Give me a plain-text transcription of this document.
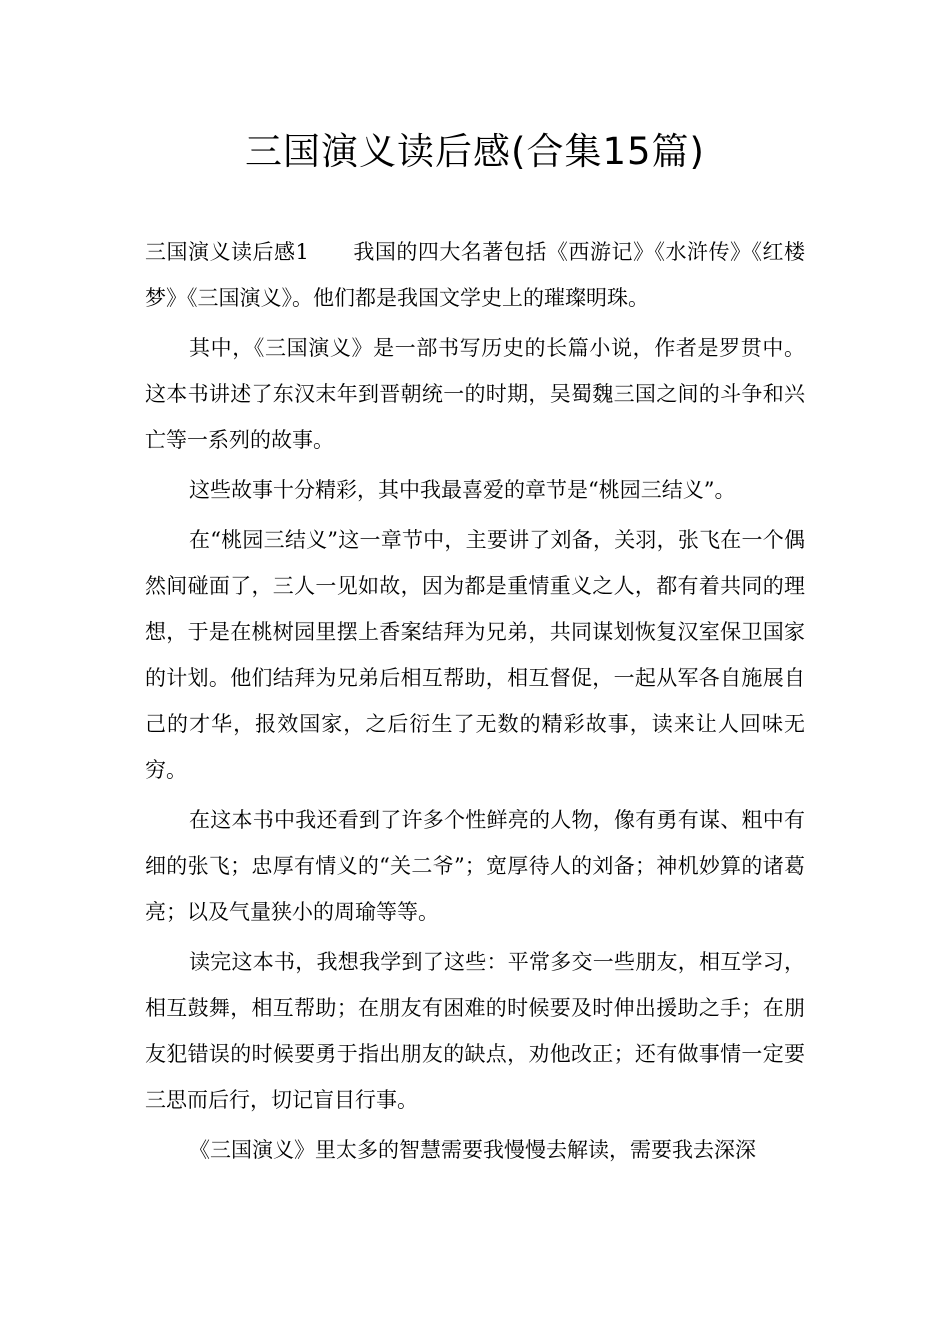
三国演义读后感(合集15篇)

三国演义读后感1 我国的四大名著包括《西游记》《水浒传》《红楼梦》《三国演义》。他们都是我国文学史上的璀璨明珠。

其中，《三国演义》是一部书写历史的长篇小说，作者是罗贯中。这本书讲述了东汉末年到晋朝统一的时期，吴蜀魏三国之间的斗争和兴亡等一系列的故事。

这些故事十分精彩，其中我最喜爱的章节是“桃园三结义”。

在“桃园三结义”这一章节中，主要讲了刘备，关羽，张飞在一个偶然间碰面了，三人一见如故，因为都是重情重义之人，都有着共同的理想，于是在桃树园里摆上香案结拜为兄弟，共同谋划恢复汉室保卫国家的计划。他们结拜为兄弟后相互帮助，相互督促，一起从军各自施展自己的才华，报效国家，之后衍生了无数的精彩故事，读来让人回味无穷。

在这本书中我还看到了许多个性鲜亮的人物，像有勇有谋、粗中有细的张飞；忠厚有情义的“关二爷”；宽厚待人的刘备；神机妙算的诸葛亮；以及气量狭小的周瑜等等。

读完这本书，我想我学到了这些：平常多交一些朋友，相互学习，相互鼓舞，相互帮助；在朋友有困难的时候要及时伸出援助之手；在朋友犯错误的时候要勇于指出朋友的缺点，劝他改正；还有做事情一定要三思而后行，切记盲目行事。

《三国演义》里太多的智慧需要我慢慢去解读，需要我去深深
